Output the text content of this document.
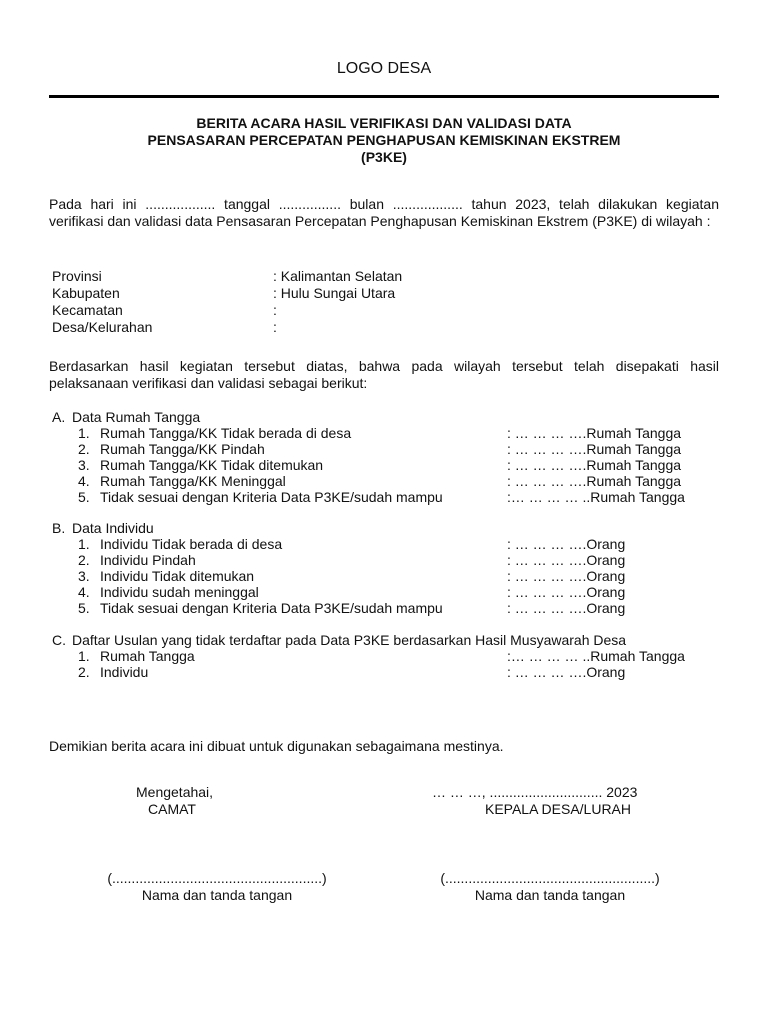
LOGO DESA
BERITA ACARA HASIL VERIFIKASI DAN VALIDASI DATA
PENSASARAN PERCEPATAN PENGHAPUSAN KEMISKINAN EKSTREM
(P3KE)
Pada hari ini .................. tanggal ................ bulan .................. tahun 2023, telah dilakukan kegiatan verifikasi dan validasi data Pensasaran Percepatan Penghapusan Kemiskinan Ekstrem (P3KE) di wilayah :
Provinsi	: Kalimantan Selatan
Kabupaten	: Hulu Sungai Utara
Kecamatan	:
Desa/Kelurahan	:
Berdasarkan hasil kegiatan tersebut diatas, bahwa pada wilayah tersebut telah disepakati hasil pelaksanaan verifikasi dan validasi sebagai berikut:
A. Data Rumah Tangga
1. Rumah Tangga/KK Tidak berada di desa	: … … … ….Rumah Tangga
2. Rumah Tangga/KK Pindah	: … … … ….Rumah Tangga
3. Rumah Tangga/KK Tidak ditemukan	: … … … ….Rumah Tangga
4. Rumah Tangga/KK Meninggal	: … … … ….Rumah Tangga
5. Tidak sesuai dengan Kriteria Data P3KE/sudah mampu	:… … … … ..Rumah Tangga
B. Data Individu
1. Individu Tidak berada di desa	: … … … ….Orang
2. Individu Pindah	: … … … ….Orang
3. Individu Tidak ditemukan	: … … … ….Orang
4. Individu sudah meninggal	: … … … ….Orang
5. Tidak sesuai dengan Kriteria Data P3KE/sudah mampu	: … … … ….Orang
C. Daftar Usulan yang tidak terdaftar pada Data P3KE berdasarkan Hasil Musyawarah Desa
1. Rumah Tangga	:… … … … ..Rumah Tangga
2. Individu	: … … … ….Orang
Demikian berita acara ini dibuat untuk digunakan sebagaimana mestinya.
Mengetahai,
CAMAT
… … …, ............................. 2023
KEPALA DESA/LURAH
(......................................................)
Nama dan tanda tangan
(......................................................)
Nama dan tanda tangan
